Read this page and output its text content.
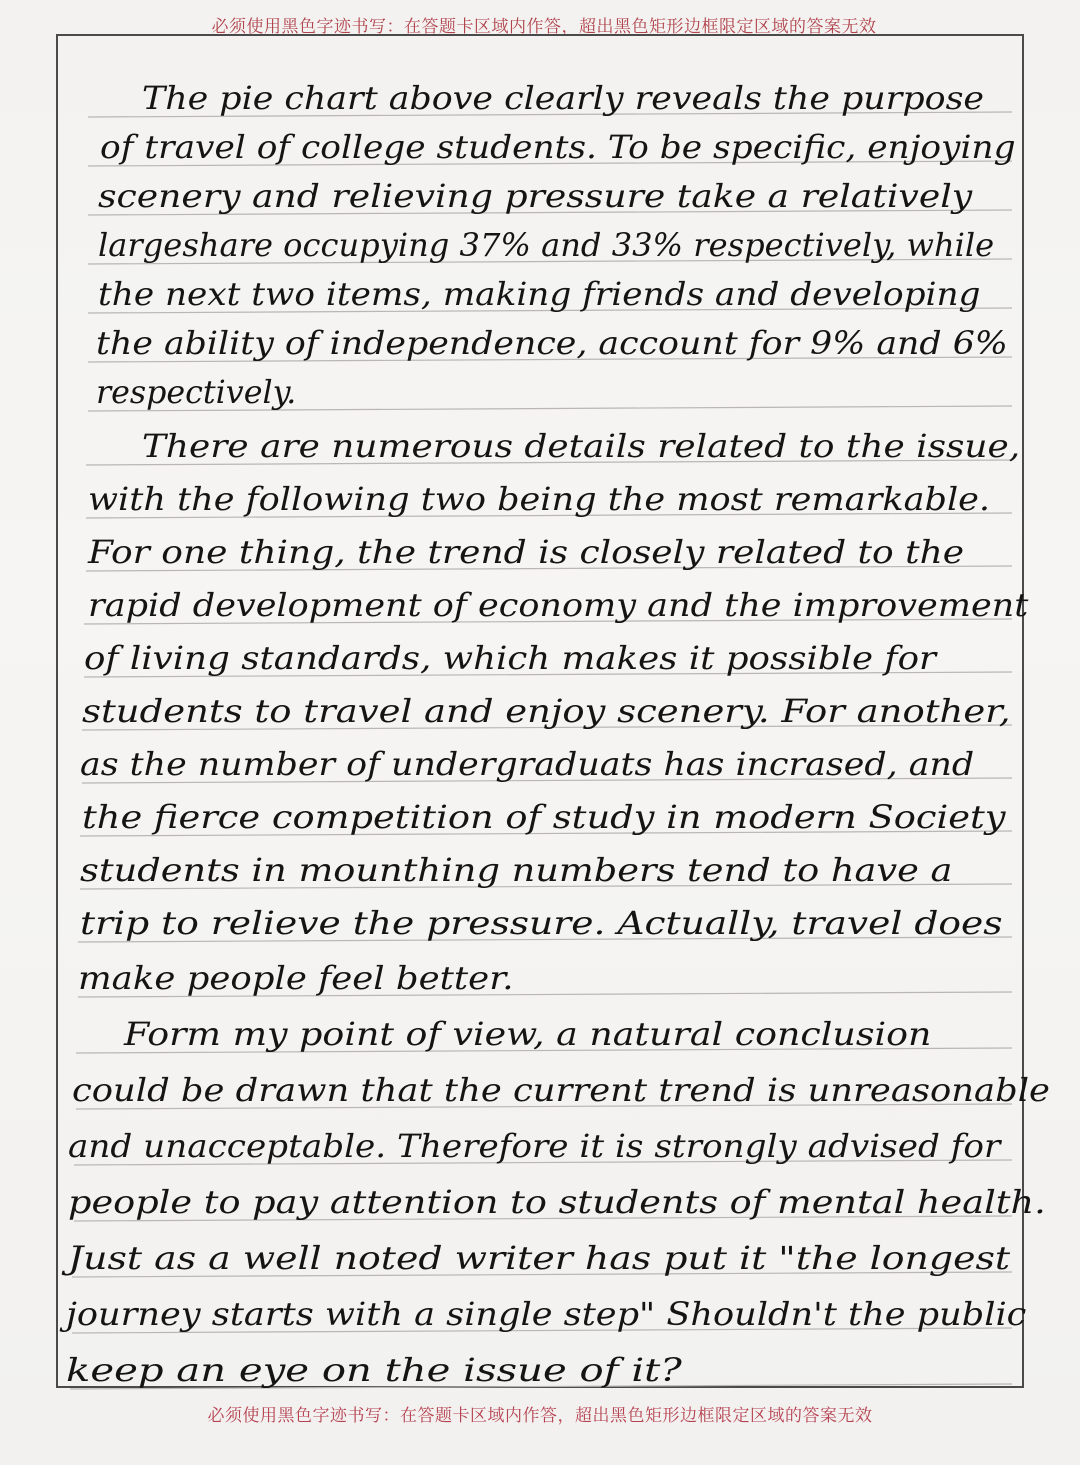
必须使用黑色字迹书写：在答题卡区域内作答，超出黑色矩形边框限定区域的答案无效
The pie chart above clearly reveals the purpose
of travel of college students. To be specific, enjoying
scenery and relieving pressure take a relatively
largeshare occupying 37% and 33% respectively, while
the next two items, making friends and developing
the ability of independence, account for 9% and 6%
respectively.
There are numerous details related to the issue,
with the following two being the most remarkable.
For one thing, the trend is closely related to the
rapid development of economy and the improvement
of living standards, which makes it possible for
students to travel and enjoy scenery. For another,
as the number of undergraduats has incrased, and
the fierce competition of study in modern Society
students in mounthing numbers tend to have a
trip to relieve the pressure. Actually, travel does
make people feel better.
Form my point of view, a natural conclusion
could be drawn that the current trend is unreasonable
and unacceptable. Therefore it is strongly advised for
people to pay attention to students of mental health.
Just as a well noted writer has put it "the longest
journey starts with a single step" Shouldn't the public
keep an eye on the issue of it?
必须使用黑色字迹书写：在答题卡区域内作答，超出黑色矩形边框限定区域的答案无效
